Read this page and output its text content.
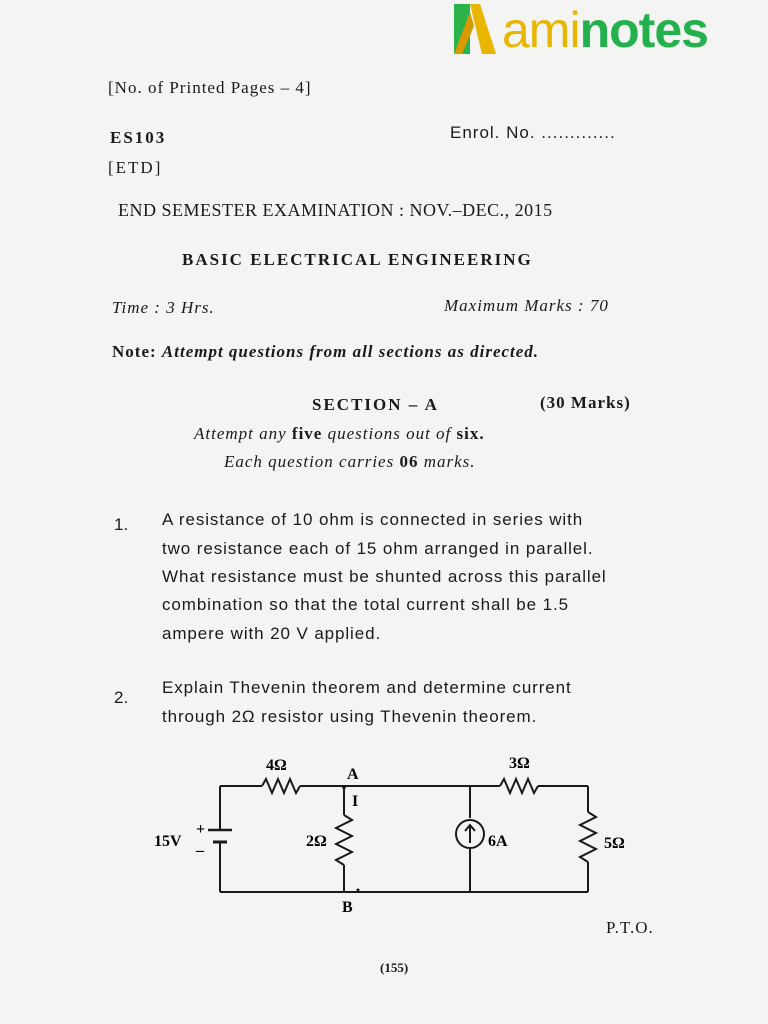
aminotes
[No. of Printed Pages – 4]
ES103
[ETD]
Enrol. No. .............
END SEMESTER EXAMINATION : NOV.–DEC., 2015
BASIC ELECTRICAL ENGINEERING
Time : 3 Hrs.	Maximum Marks : 70
Note: Attempt questions from all sections as directed.
SECTION – A	(30 Marks)
Attempt any five questions out of six.
Each question carries 06 marks.
1. A resistance of 10 ohm is connected in series with
two resistance each of 15 ohm arranged in parallel.
What resistance must be shunted across this parallel
combination so that the total current shall be 1.5
ampere with 20 V applied.
2.
Explain Thevenin theorem and determine current
through 2Ω resistor using Thevenin theorem.
4Ω	3Ω
A
I
2Ω	6A	5Ω
15V
+
–
B
P.T.O.
(155)
